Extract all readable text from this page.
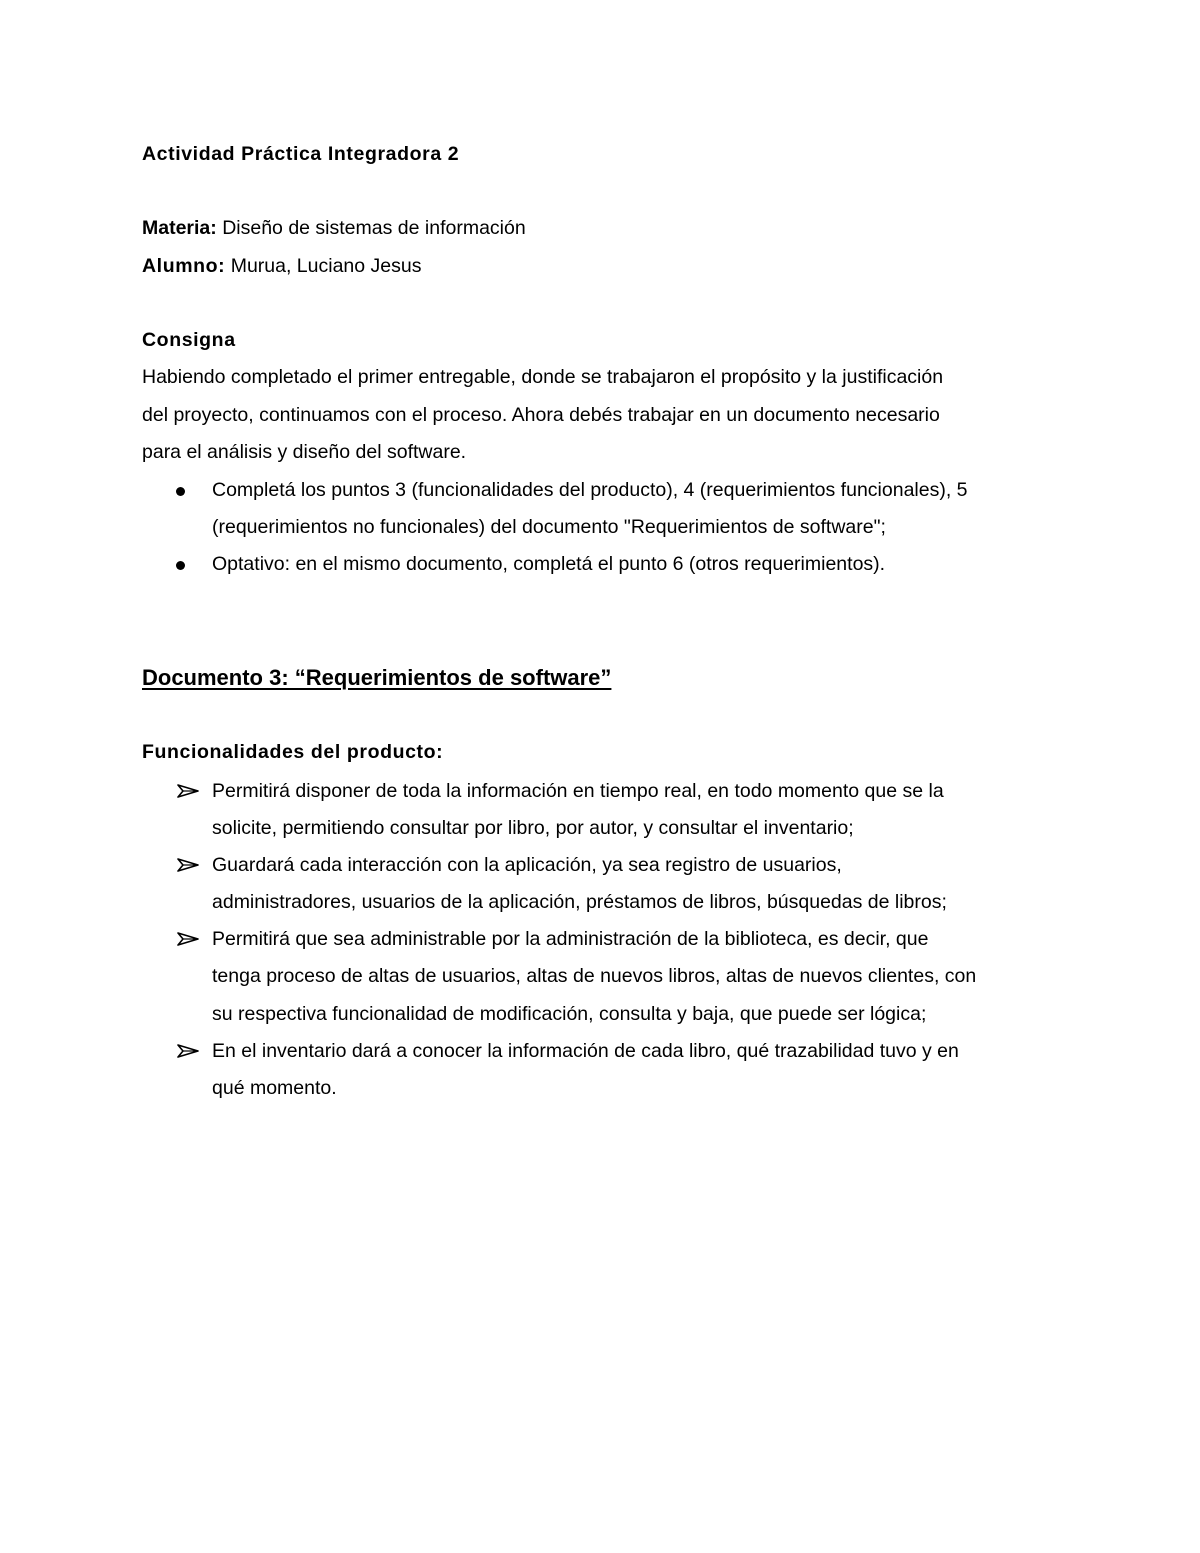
Actividad Práctica Integradora 2
Materia: Diseño de sistemas de información
Alumno: Murua, Luciano Jesus
Consigna
Habiendo completado el primer entregable, donde se trabajaron el propósito y la justificación
del proyecto, continuamos con el proceso. Ahora debés trabajar en un documento necesario
para el análisis y diseño del software.
Completá los puntos 3 (funcionalidades del producto), 4 (requerimientos funcionales), 5
(requerimientos no funcionales) del documento "Requerimientos de software";
Optativo: en el mismo documento, completá el punto 6 (otros requerimientos).
Documento 3: “Requerimientos de software”
Funcionalidades del producto:
Permitirá disponer de toda la información en tiempo real, en todo momento que se la
solicite, permitiendo consultar por libro, por autor, y consultar el inventario;
Guardará cada interacción con la aplicación, ya sea registro de usuarios,
administradores, usuarios de la aplicación, préstamos de libros, búsquedas de libros;
Permitirá que sea administrable por la administración de la biblioteca, es decir, que
tenga proceso de altas de usuarios, altas de nuevos libros, altas de nuevos clientes, con
su respectiva funcionalidad de modificación, consulta y baja, que puede ser lógica;
En el inventario dará a conocer la información de cada libro, qué trazabilidad tuvo y en
qué momento.
